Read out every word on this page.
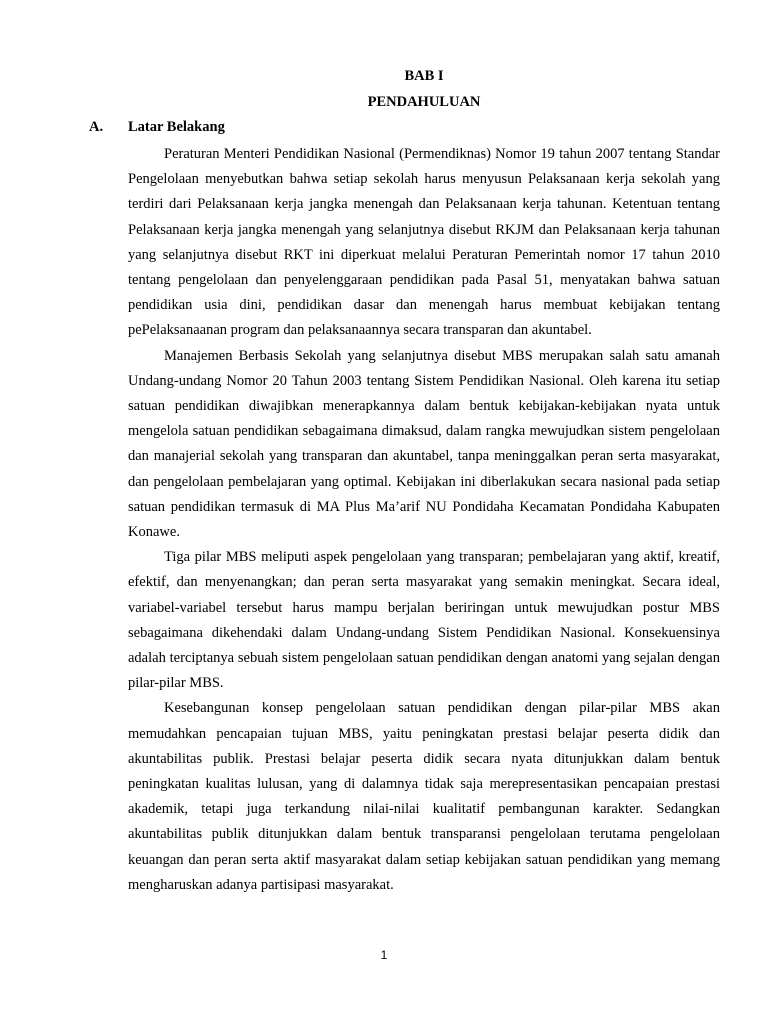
BAB I
PENDAHULUAN
A. Latar Belakang

Peraturan Menteri Pendidikan Nasional (Permendiknas) Nomor 19 tahun 2007 tentang Standar Pengelolaan menyebutkan bahwa setiap sekolah harus menyusun Pelaksanaan kerja sekolah yang terdiri dari Pelaksanaan kerja jangka menengah dan Pelaksanaan kerja tahunan. Ketentuan tentang Pelaksanaan kerja jangka menengah yang selanjutnya disebut RKJM dan Pelaksanaan kerja tahunan yang selanjutnya disebut RKT ini diperkuat melalui Peraturan Pemerintah nomor 17 tahun 2010 tentang pengelolaan dan penyelenggaraan pendidikan pada Pasal 51, menyatakan bahwa satuan pendidikan usia dini, pendidikan dasar dan menengah harus membuat kebijakan tentang pePelaksanaanan program dan pelaksanaannya secara transparan dan akuntabel.

Manajemen Berbasis Sekolah yang selanjutnya disebut MBS merupakan salah satu amanah Undang-undang Nomor 20 Tahun 2003 tentang Sistem Pendidikan Nasional. Oleh karena itu setiap satuan pendidikan diwajibkan menerapkannya dalam bentuk kebijakan-kebijakan nyata untuk mengelola satuan pendidikan sebagaimana dimaksud, dalam rangka mewujudkan sistem pengelolaan dan manajerial sekolah yang transparan dan akuntabel, tanpa meninggalkan peran serta masyarakat, dan pengelolaan pembelajaran yang optimal. Kebijakan ini diberlakukan secara nasional pada setiap satuan pendidikan termasuk di MA Plus Ma’arif NU Pondidaha Kecamatan Pondidaha Kabupaten Konawe.

Tiga pilar MBS meliputi aspek pengelolaan yang transparan; pembelajaran yang aktif, kreatif, efektif, dan menyenangkan; dan peran serta masyarakat yang semakin meningkat. Secara ideal, variabel-variabel tersebut harus mampu berjalan beriringan untuk mewujudkan postur MBS sebagaimana dikehendaki dalam Undang-undang Sistem Pendidikan Nasional. Konsekuensinya adalah terciptanya sebuah sistem pengelolaan satuan pendidikan dengan anatomi yang sejalan dengan pilar-pilar MBS.

Kesebangunan konsep pengelolaan satuan pendidikan dengan pilar-pilar MBS akan memudahkan pencapaian tujuan MBS, yaitu peningkatan prestasi belajar peserta didik dan akuntabilitas publik. Prestasi belajar peserta didik secara nyata ditunjukkan dalam bentuk peningkatan kualitas lulusan, yang di dalamnya tidak saja merepresentasikan pencapaian prestasi akademik, tetapi juga terkandung nilai-nilai kualitatif pembangunan karakter. Sedangkan akuntabilitas publik ditunjukkan dalam bentuk transparansi pengelolaan terutama pengelolaan keuangan dan peran serta aktif masyarakat dalam setiap kebijakan satuan pendidikan yang memang mengharuskan adanya partisipasi masyarakat.

1
